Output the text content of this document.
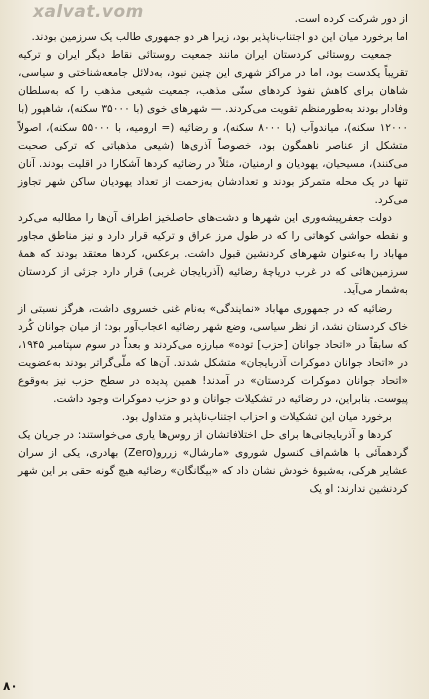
xalvat.vom	از دور شرکت کرده است.

اما برخورد میان این دو اجتناب‌ناپذیر بود، زیرا هر دو جمهوری طالب یک سرزمین بودند.

جمعیت روستائی کردستان ایران مانند جمعیت روستائی نقاط دیگر ایران و ترکیه تقریباً یکدست بود، اما در مراکز شهری این چنین نبود، به‌دلائل جامعه‌شناختی و سیاسی، شاهان برای کاهش نفوذ کردهای سنّی مذهب، جمعیت شیعی مذهب را که به‌سلطان وفادار بودند به‌طورمنظم تقویت می‌کردند. — شهرهای خوی (با ۳۵۰۰۰ سکنه)، شاهپور (با ۱۲۰۰۰ سکنه)، میاندوآب (با ۸۰۰۰ سکنه)، و رضائیه (= ارومیه، با ۵۵۰۰۰ سکنه)، اصولاً متشکل از عناصر ناهمگون بود، خصوصاً آذری‌ها (شیعی مذهباتی که ترکی صحبت می‌کنند)، مسیحیان، یهودیان و ارمنیان، مثلاً در رضائیه کردها آشکارا در اقلیت بودند. آنان تنها در یک محله متمرکز بودند و تعدادشان به‌زحمت از تعداد یهودیان ساکن شهر تجاوز می‌کرد.

دولت جعفرپیشه‌وری این شهرها و دشت‌های حاصلخیز اطراف آن‌ها را مطالبه می‌کرد و نقطه حواشی کوهاتی را که در طول مرز عراق و ترکیه قرار دارد و نیز مناطق مجاور مهاباد را به‌عنوان شهرهای کردنشین قبول داشت. برعکس، کردها معتقد بودند که همهٔ سرزمین‌هائی که در غرب دریاچهٔ رضائیه (آذربایجان غربی) قرار دارد جزئی از کردستان به‌شمار می‌آید.

رضائیه که در جمهوری مهاباد «نمایندگی» به‌نام غنی خسروی داشت، هرگز نسبتی از خاک کردستان نشد، از نظر سیاسی، وضع شهر رضائیه اعجاب‌آور بود: از میان جوانان کُرد که سابقاً در «اتحاد جوانان [حزب] توده» مبارزه می‌کردند و بعداً در سوم سپتامبر ۱۹۴۵، در «اتحاد جوانان دموکرات آذربایجان» متشکل شدند. آن‌ها که ملّی‌گراتر بودند به‌عضویت «اتحاد جوانان دموکرات کردستان» در آمدند! همین پدیده در سطح حزب نیز به‌وقوع پیوست. بنابراین، در رضائیه در تشکیلات جوانان و دو حزب دموکرات وجود داشت.

برخورد میان این تشکیلات و احزاب اجتناب‌ناپذیر و متداول بود.

کردها و آذربایجانی‌ها برای حل اختلافاتشان از روس‌ها یاری می‌خواستند: در جریان یک گردهمآئی با هاشم‌اف کنسول شوروی «مارشال» زررو(Zero) بهادری، یکی از سران عشایر هرکی، به‌شیوهٔ خودش نشان داد که «بیگانگان» رضائیه هیچ گونه حقی بر این شهر کردنشین ندارند: او یک

۸۰
